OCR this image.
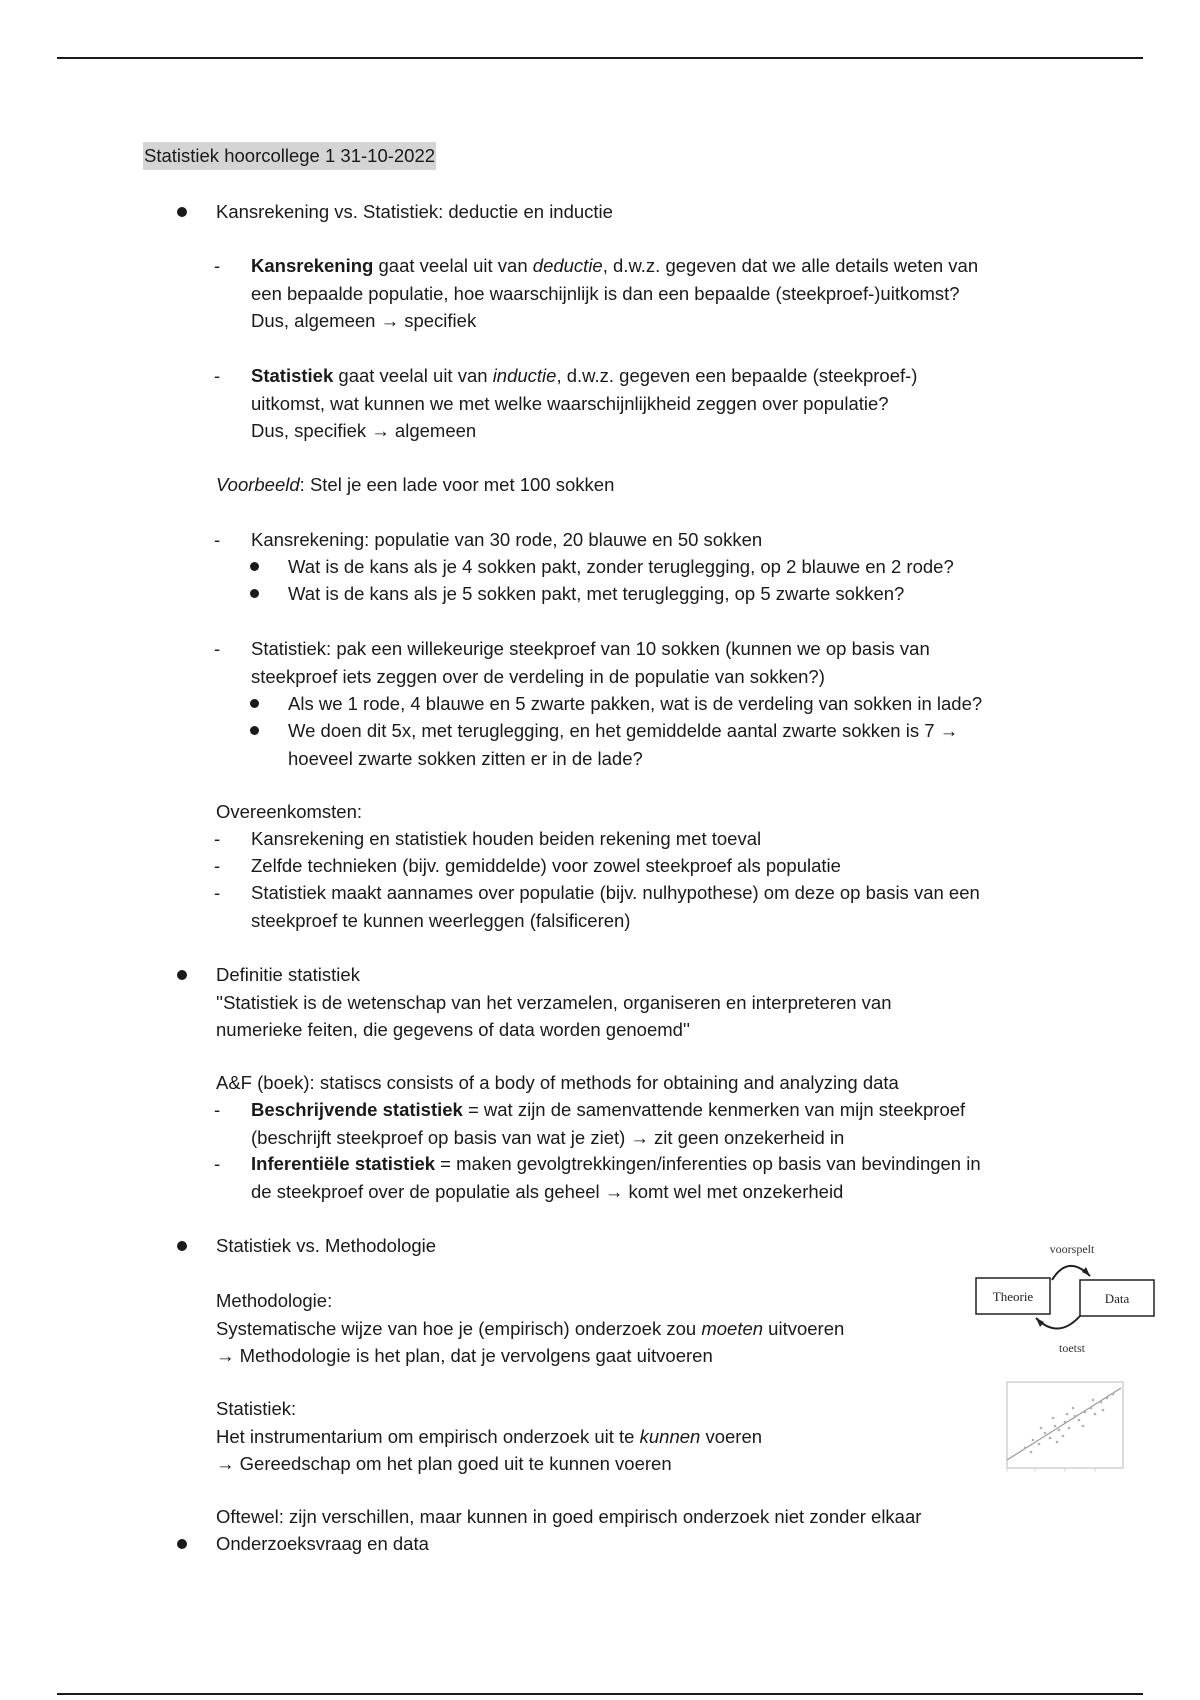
Statistiek hoorcollege 1 31-10-2022
Kansrekening vs. Statistiek: deductie en inductie
- Kansrekening gaat veelal uit van deductie, d.w.z. gegeven dat we alle details weten van
een bepaalde populatie, hoe waarschijnlijk is dan een bepaalde (steekproef-)uitkomst?
Dus, algemeen → specifiek
- Statistiek gaat veelal uit van inductie, d.w.z. gegeven een bepaalde (steekproef-)
uitkomst, wat kunnen we met welke waarschijnlijkheid zeggen over populatie?
Dus, specifiek → algemeen
Voorbeeld: Stel je een lade voor met 100 sokken
- Kansrekening: populatie van 30 rode, 20 blauwe en 50 sokken
Wat is de kans als je 4 sokken pakt, zonder teruglegging, op 2 blauwe en 2 rode?
Wat is de kans als je 5 sokken pakt, met teruglegging, op 5 zwarte sokken?
- Statistiek: pak een willekeurige steekproef van 10 sokken (kunnen we op basis van
steekproef iets zeggen over de verdeling in de populatie van sokken?)
Als we 1 rode, 4 blauwe en 5 zwarte pakken, wat is de verdeling van sokken in lade?
We doen dit 5x, met teruglegging, en het gemiddelde aantal zwarte sokken is 7 →
hoeveel zwarte sokken zitten er in de lade?
Overeenkomsten:
- Kansrekening en statistiek houden beiden rekening met toeval
- Zelfde technieken (bijv. gemiddelde) voor zowel steekproef als populatie
- Statistiek maakt aannames over populatie (bijv. nulhypothese) om deze op basis van een
steekproef te kunnen weerleggen (falsificeren)
Definitie statistiek
''Statistiek is de wetenschap van het verzamelen, organiseren en interpreteren van
numerieke feiten, die gegevens of data worden genoemd''
A&F (boek): statiscs consists of a body of methods for obtaining and analyzing data
- Beschrijvende statistiek = wat zijn de samenvattende kenmerken van mijn steekproef
(beschrijft steekproef op basis van wat je ziet) → zit geen onzekerheid in
- Inferentiële statistiek = maken gevolgtrekkingen/inferenties op basis van bevindingen in
de steekproef over de populatie als geheel → komt wel met onzekerheid
Statistiek vs. Methodologie
Methodologie:
Systematische wijze van hoe je (empirisch) onderzoek zou moeten uitvoeren
→ Methodologie is het plan, dat je vervolgens gaat uitvoeren
Statistiek:
Het instrumentarium om empirisch onderzoek uit te kunnen voeren
→ Gereedschap om het plan goed uit te kunnen voeren
Oftewel: zijn verschillen, maar kunnen in goed empirisch onderzoek niet zonder elkaar
Onderzoeksvraag en data
voorspelt
Theorie	Data
toetst
